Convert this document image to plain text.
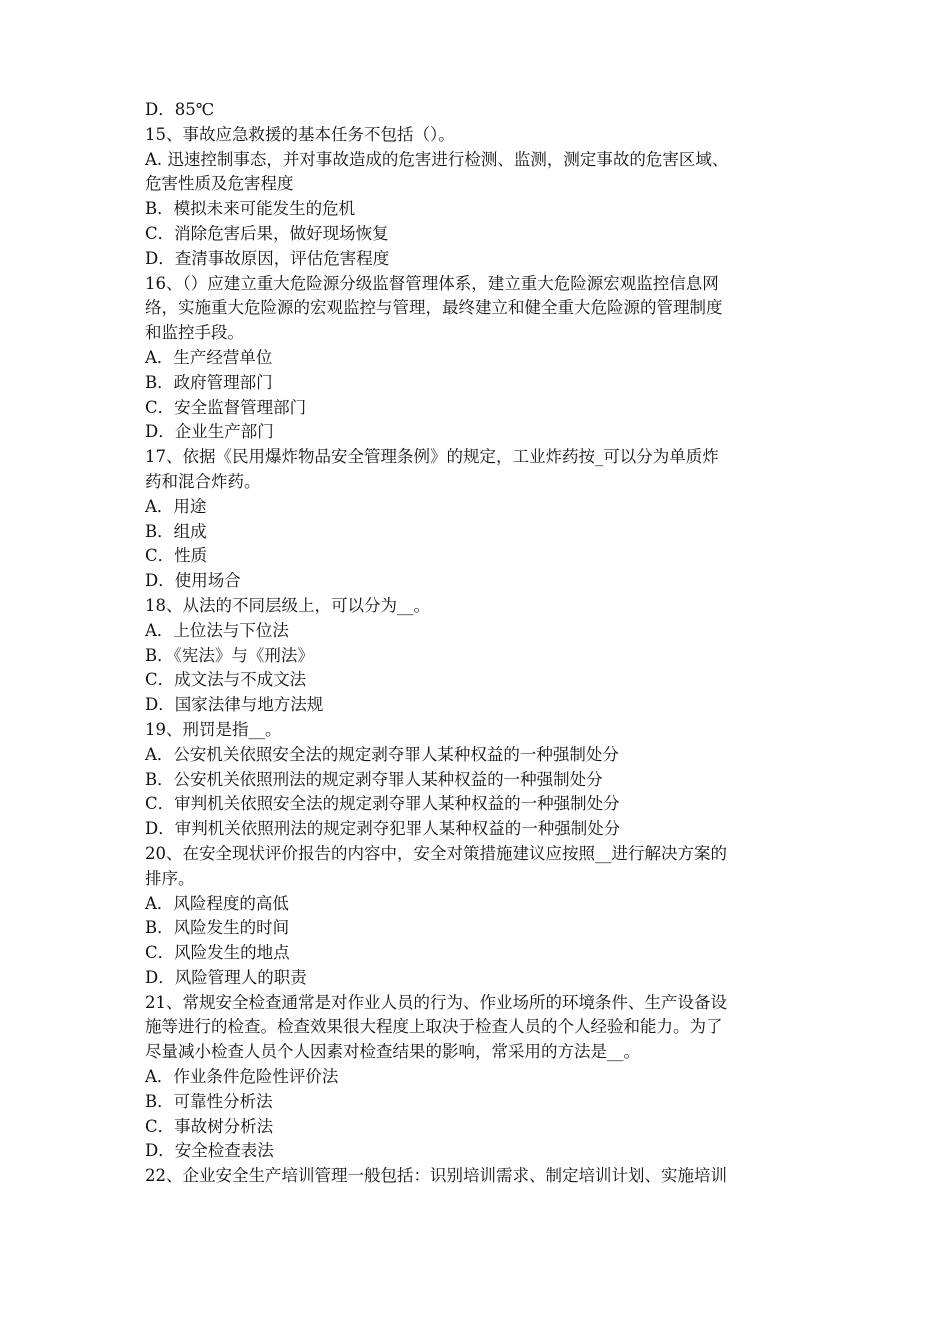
D．85℃
15、事故应急救援的基本任务不包括（）。
A. 迅速控制事态，并对事故造成的危害进行检测、监测，测定事故的危害区域、
危害性质及危害程度
B．模拟未来可能发生的危机
C．消除危害后果，做好现场恢复
D．查清事故原因，评估危害程度
16、（）应建立重大危险源分级监督管理体系，建立重大危险源宏观监控信息网
络，实施重大危险源的宏观监控与管理，最终建立和健全重大危险源的管理制度
和监控手段。
A．生产经营单位
B．政府管理部门
C．安全监督管理部门
D．企业生产部门
17、依据《民用爆炸物品安全管理条例》的规定，工业炸药按_可以分为单质炸
药和混合炸药。
A．用途
B．组成
C．性质
D．使用场合
18、从法的不同层级上，可以分为__。
A．上位法与下位法
B．《宪法》与《刑法》
C．成文法与不成文法
D．国家法律与地方法规
19、刑罚是指__。
A．公安机关依照安全法的规定剥夺罪人某种权益的一种强制处分
B．公安机关依照刑法的规定剥夺罪人某种权益的一种强制处分
C．审判机关依照安全法的规定剥夺罪人某种权益的一种强制处分
D．审判机关依照刑法的规定剥夺犯罪人某种权益的一种强制处分
20、在安全现状评价报告的内容中，安全对策措施建议应按照__进行解决方案的
排序。
A．风险程度的高低
B．风险发生的时间
C．风险发生的地点
D．风险管理人的职责
21、常规安全检查通常是对作业人员的行为、作业场所的环境条件、生产设备设
施等进行的检查。检查效果很大程度上取决于检查人员的个人经验和能力。为了
尽量减小检查人员个人因素对检查结果的影响，常采用的方法是__。
A．作业条件危险性评价法
B．可靠性分析法
C．事故树分析法
D．安全检查表法
22、企业安全生产培训管理一般包括：识别培训需求、制定培训计划、实施培训
